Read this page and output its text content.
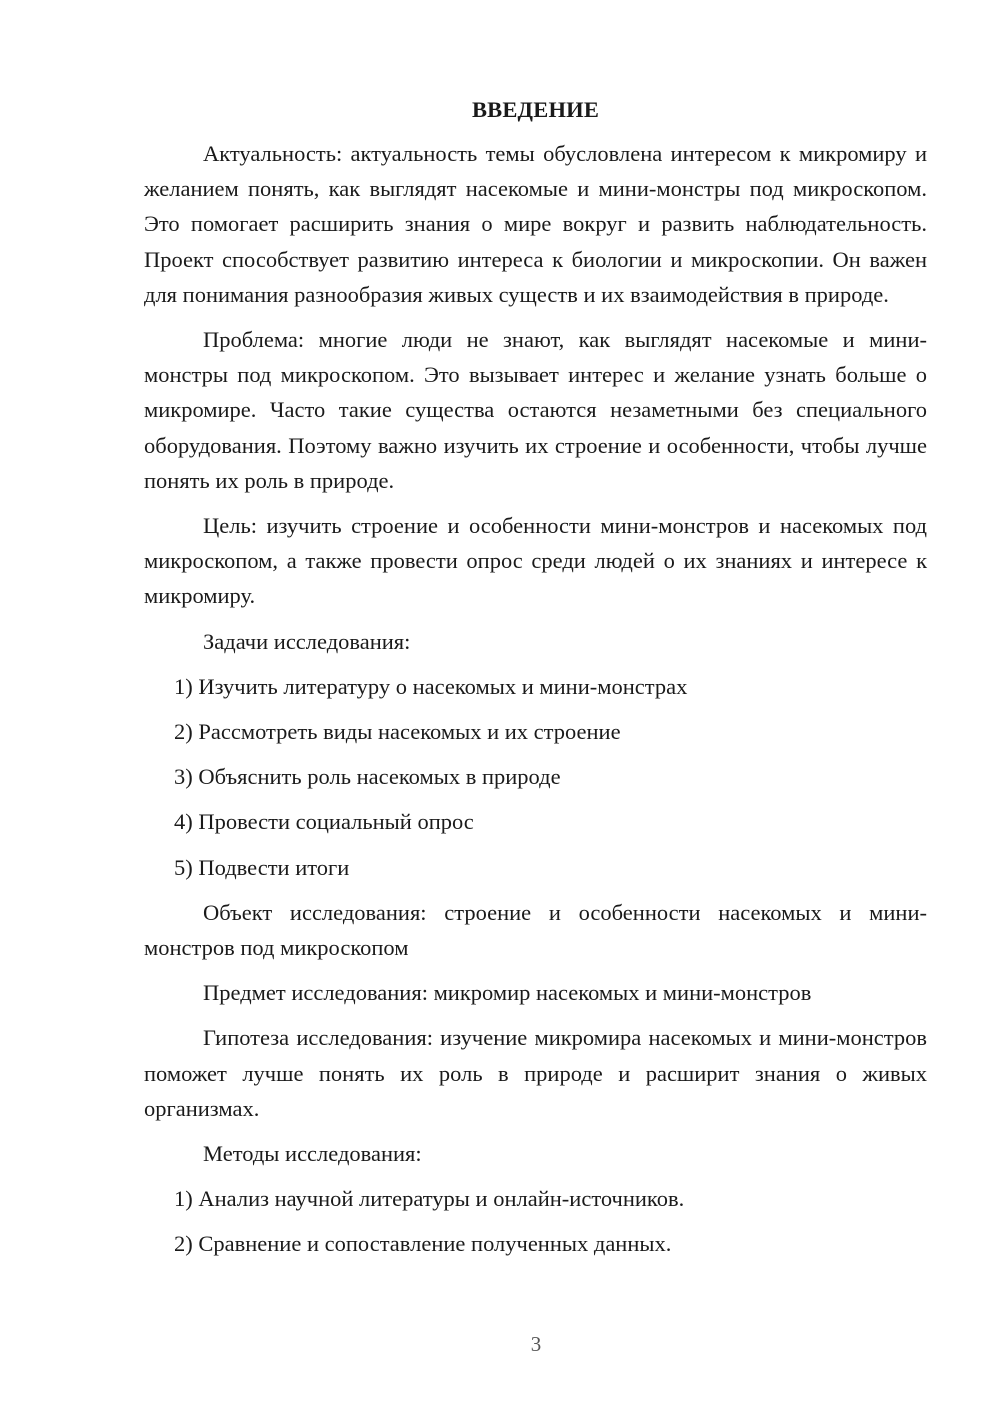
ВВЕДЕНИЕ

Актуальность: актуальность темы обусловлена интересом к микромиру и желанием понять, как выглядят насекомые и мини-монстры под микроскопом. Это помогает расширить знания о мире вокруг и развить наблюдательность. Проект способствует развитию интереса к биологии и микроскопии. Он важен для понимания разнообразия живых существ и их взаимодействия в природе.

Проблема: многие люди не знают, как выглядят насекомые и мини-монстры под микроскопом. Это вызывает интерес и желание узнать больше о микромире. Часто такие существа остаются незаметными без специального оборудования. Поэтому важно изучить их строение и особенности, чтобы лучше понять их роль в природе.

Цель: изучить строение и особенности мини-монстров и насекомых под микроскопом, а также провести опрос среди людей о их знаниях и интересе к микромиру.

Задачи исследования:
1) Изучить литературу о насекомых и мини-монстрах
2) Рассмотреть виды насекомых и их строение
3) Объяснить роль насекомых в природе
4) Провести социальный опрос
5) Подвести итоги

Объект исследования: строение и особенности насекомых и мини-монстров под микроскопом

Предмет исследования: микромир насекомых и мини-монстров

Гипотеза исследования: изучение микромира насекомых и мини-монстров поможет лучше понять их роль в природе и расширит знания о живых организмах.

Методы исследования:
1) Анализ научной литературы и онлайн-источников.
2) Сравнение и сопоставление полученных данных.
3
